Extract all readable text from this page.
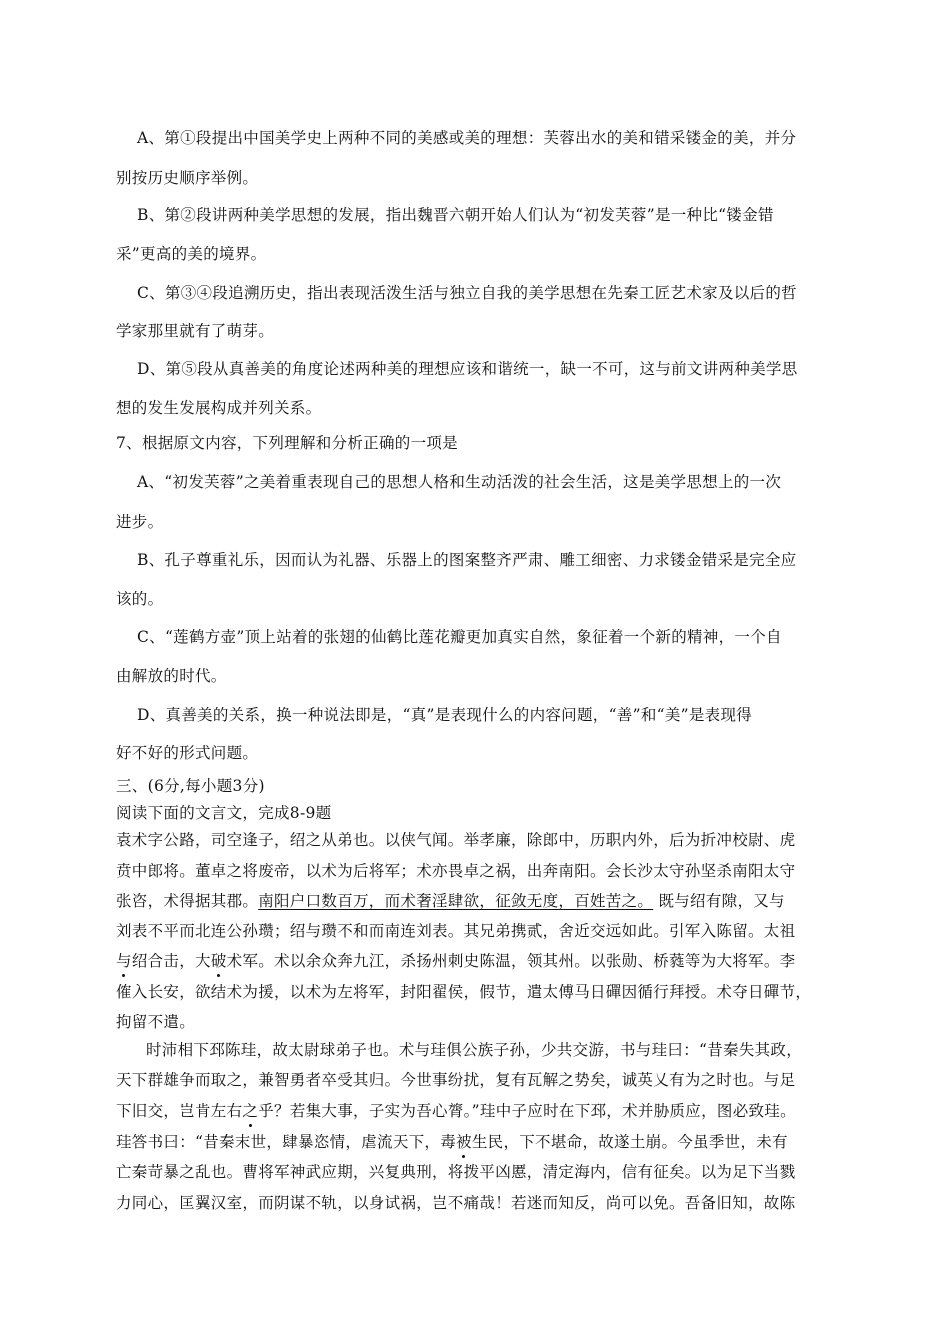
A、第①段提出中国美学史上两种不同的美感或美的理想：芙蓉出水的美和错采镂金的美，并分
别按历史顺序举例。
B、第②段讲两种美学思想的发展，指出魏晋六朝开始人们认为“初发芙蓉”是一种比“镂金错
采”更高的美的境界。
C、第③④段追溯历史，指出表现活泼生活与独立自我的美学思想在先秦工匠艺术家及以后的哲
学家那里就有了萌芽。
D、第⑤段从真善美的角度论述两种美的理想应该和谐统一，缺一不可，这与前文讲两种美学思
想的发生发展构成并列关系。
7、根据原文内容，下列理解和分析正确的一项是
A、“初发芙蓉”之美着重表现自己的思想人格和生动活泼的社会生活，这是美学思想上的一次
进步。
B、孔子尊重礼乐，因而认为礼器、乐器上的图案整齐严肃、雕工细密、力求镂金错采是完全应
该的。
C、“莲鹤方壶”顶上站着的张翅的仙鹤比莲花瓣更加真实自然，象征着一个新的精神，一个自
由解放的时代。
D、真善美的关系，换一种说法即是，“真”是表现什么的内容问题，“善”和“美”是表现得
好不好的形式问题。
三、(6分,每小题3分)
阅读下面的文言文，完成8-9题
袁术字公路，司空逢子，绍之从弟也。以侠气闻。举孝廉，除郎中，历职内外，后为折冲校尉、虎
贲中郎将。董卓之将废帝，以术为后将军；术亦畏卓之祸，出奔南阳。会长沙太守孙坚杀南阳太守
张咨，术得据其郡。南阳户口数百万，而术奢淫肆欲，征敛无度，百姓苦之。 既与绍有隙，又与
刘表不平而北连公孙瓒；绍与瓒不和而南连刘表。其兄弟携贰，舍近交远如此。引军入陈留。太祖
与绍合击，大破术军。术以余众奔九江，杀扬州刺史陈温，领其州。以张勋、桥蕤等为大将军。李
傕入长安，欲结术为援，以术为左将军，封阳翟侯，假节，遣太傅马日磾因循行拜授。术夺日磾节，
拘留不遣。
时沛相下邳陈珪，故太尉球弟子也。术与珪俱公族子孙，少共交游，书与珪曰：“昔秦失其政，
天下群雄争而取之，兼智勇者卒受其归。今世事纷扰，复有瓦解之势矣，诚英乂有为之时也。与足
下旧交，岂肯左右之乎？若集大事，子实为吾心膂。”珪中子应时在下邳，术并胁质应，图必致珪。
珪答书曰：“昔秦末世，肆暴恣情，虐流天下，毒被生民，下不堪命，故遂土崩。今虽季世，未有
亡秦苛暴之乱也。曹将军神武应期，兴复典刑，将拨平凶慝，清定海内，信有征矣。以为足下当戮
力同心，匡翼汉室，而阴谋不轨，以身试祸，岂不痛哉！若迷而知反，尚可以免。吾备旧知，故陈
